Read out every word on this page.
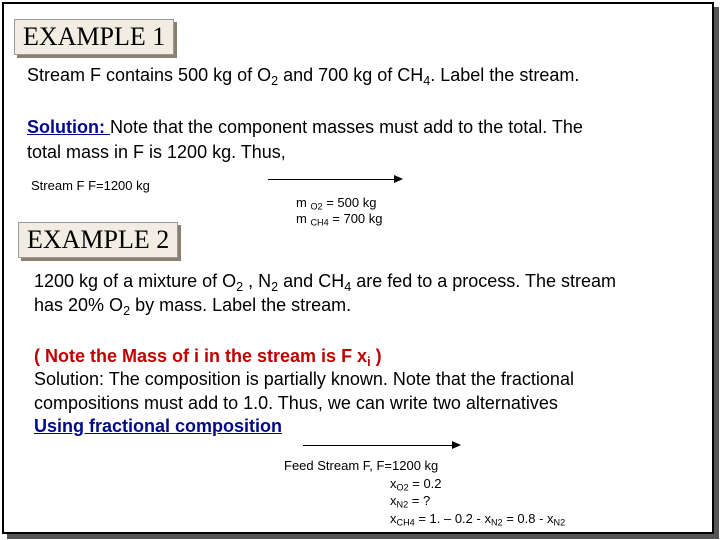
EXAMPLE 1
Stream F contains 500 kg of $O_2$ and 700 kg of $CH_4$. Label the stream.
Solution: Note that the component masses must add to the total. The
total mass in F is 1200 kg. Thus,
Stream F F=1200 kg
m $_{O2}$ = 500 kg
m $_{CH4}$ = 700 kg
EXAMPLE 2
1200 kg of a mixture of $O_2$ , $N_2$ and $CH_4$ are fed to a process. The stream
has 20% $O_2$ by mass. Label the stream.
( Note the Mass of i in the stream is F $x_i$ )
Solution: The composition is partially known. Note that the fractional
compositions must add to 1.0. Thus, we can write two alternatives
Using fractional composition
Feed Stream F, F=1200 kg
$x_{O2} = 0.2$
$x_{N2}$ = ?
$x_{CH4} = 1$. – $0.2 - x_{N2} = 0.8 - x_{N2}$
